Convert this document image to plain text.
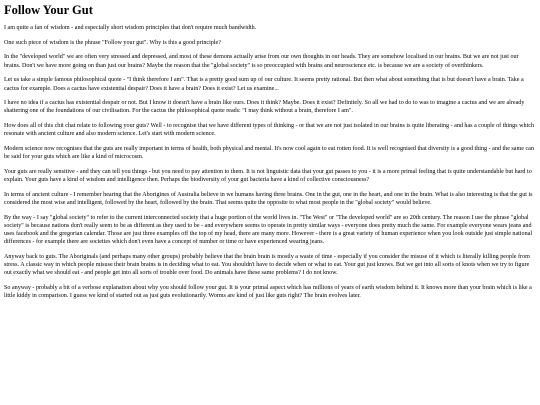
Follow Your Gut

I am quite a fan of wisdom - and especially short wisdom principles that don't require much bandwidth.

One such piece of wisdom is the phrase "Follow your gut". Why is this a good principle?

In the "developed world" we are often very stressed and depressed, and most of these demons actually arise from our own thoughts in our heads. They are somehow localised in our brains. But we are not just our brains. Don't we have more going on than just our brains? Maybe the reason that the "global society" is so preoccupied with brains and neuroscience etc. is because we are a society of overthinkers.

Let us take a simple famous philosophical quote - "I think therefore I am". That is a pretty good sum up of our culture. It seems pretty rational. But then what about something that is but doesn't have a brain. Take a cactus for example. Does a cactus have existential despair? Does it have a brain? Does it exist? Let us examine...

I have no idea if a cactus has existential despair or not. But I know it doesn't have a brain like ours. Does it think? Maybe. Does it exist? Definitely. So all we had to do to was to imagine a cactus and we are already shattering one of the foundations of our civilisation. For the cactus the philosophical quote reads: "I may think without a brain, therefore I am".

How does all of this chit chat relate to following your guts? Well - to recognise that we have different types of thinking - or that we are not just isolated in our brains is quite liberating - and has a couple of things which resonate with ancient culture and also modern science. Let's start with modern science.

Modern science now recognises that the guts are really important in terms of health, both physical and mental. It's now cool again to eat rotten food. It is well recognised that diversity is a good thing - and the same can be said for your guts which are like a kind of microcosm.

Your guts are really sensitive - and they can tell you things - but you need to pay attention to them. It is not linguistic data that your gut passes to you - it is a more primal feeling that is quite understandable but hard to explain. Your guts have a kind of wisdom and intelligence then. Perhaps the biodiversity of your gut bacteria have a kind of collective consciousness?

In terms of ancient culture - I remember hearing that the Aborigines of Australia believe in we humans having three brains. One in the gut, one in the heart, and one in the brain. What is also interesting is that the gut is considered the most wise and intelligent, followed by the heart, followed by the brain. That seems quite the opposite to what most people in the "global society" would believe.

By the way - I say "global society" to refer to the current interconnected society that a huge portion of the world lives in. "The West" or "The developed world" are so 20th century. The reason I use the phrase "global society" is because nations don't really seem to be as different as they used to be - and everywhere seems to operate in pretty similar ways - everyone does pretty much the same. For example everyone wears jeans and uses facebook and the gregorian calendar. Those are just three examples off the top of my head, there are many more. However - there is a great variety of human experience when you look outside just simple national differences - for example there are societies which don't even have a concept of number or time or have experienced wearing jeans.

Anyway back to guts. The Aboriginals (and perhaps many other groups) probably believe that the brain brain is mostly a waste of time - especially if you consider the misuse of it which is literally killing people from stress. A classic way in which people misuse their brain brains is in deciding what to eat. You shouldn't have to decide when or what to eat. Your gut just knows. But we get into all sorts of knots when we try to figure out exactly what we should eat - and people get into all sorts of trouble over food. Do animals have these same problems? I do not know.

So anyway - probably a bit of a verbose explanation about why you should follow your gut. It is your primal aspect which has millions of years of earth wisdom behind it. It knows more than your brain which is like a little kiddy in comparison. I guess we kind of started out as just guts evolutionarily. Worms are kind of just like guts right? The brain evolves later.
